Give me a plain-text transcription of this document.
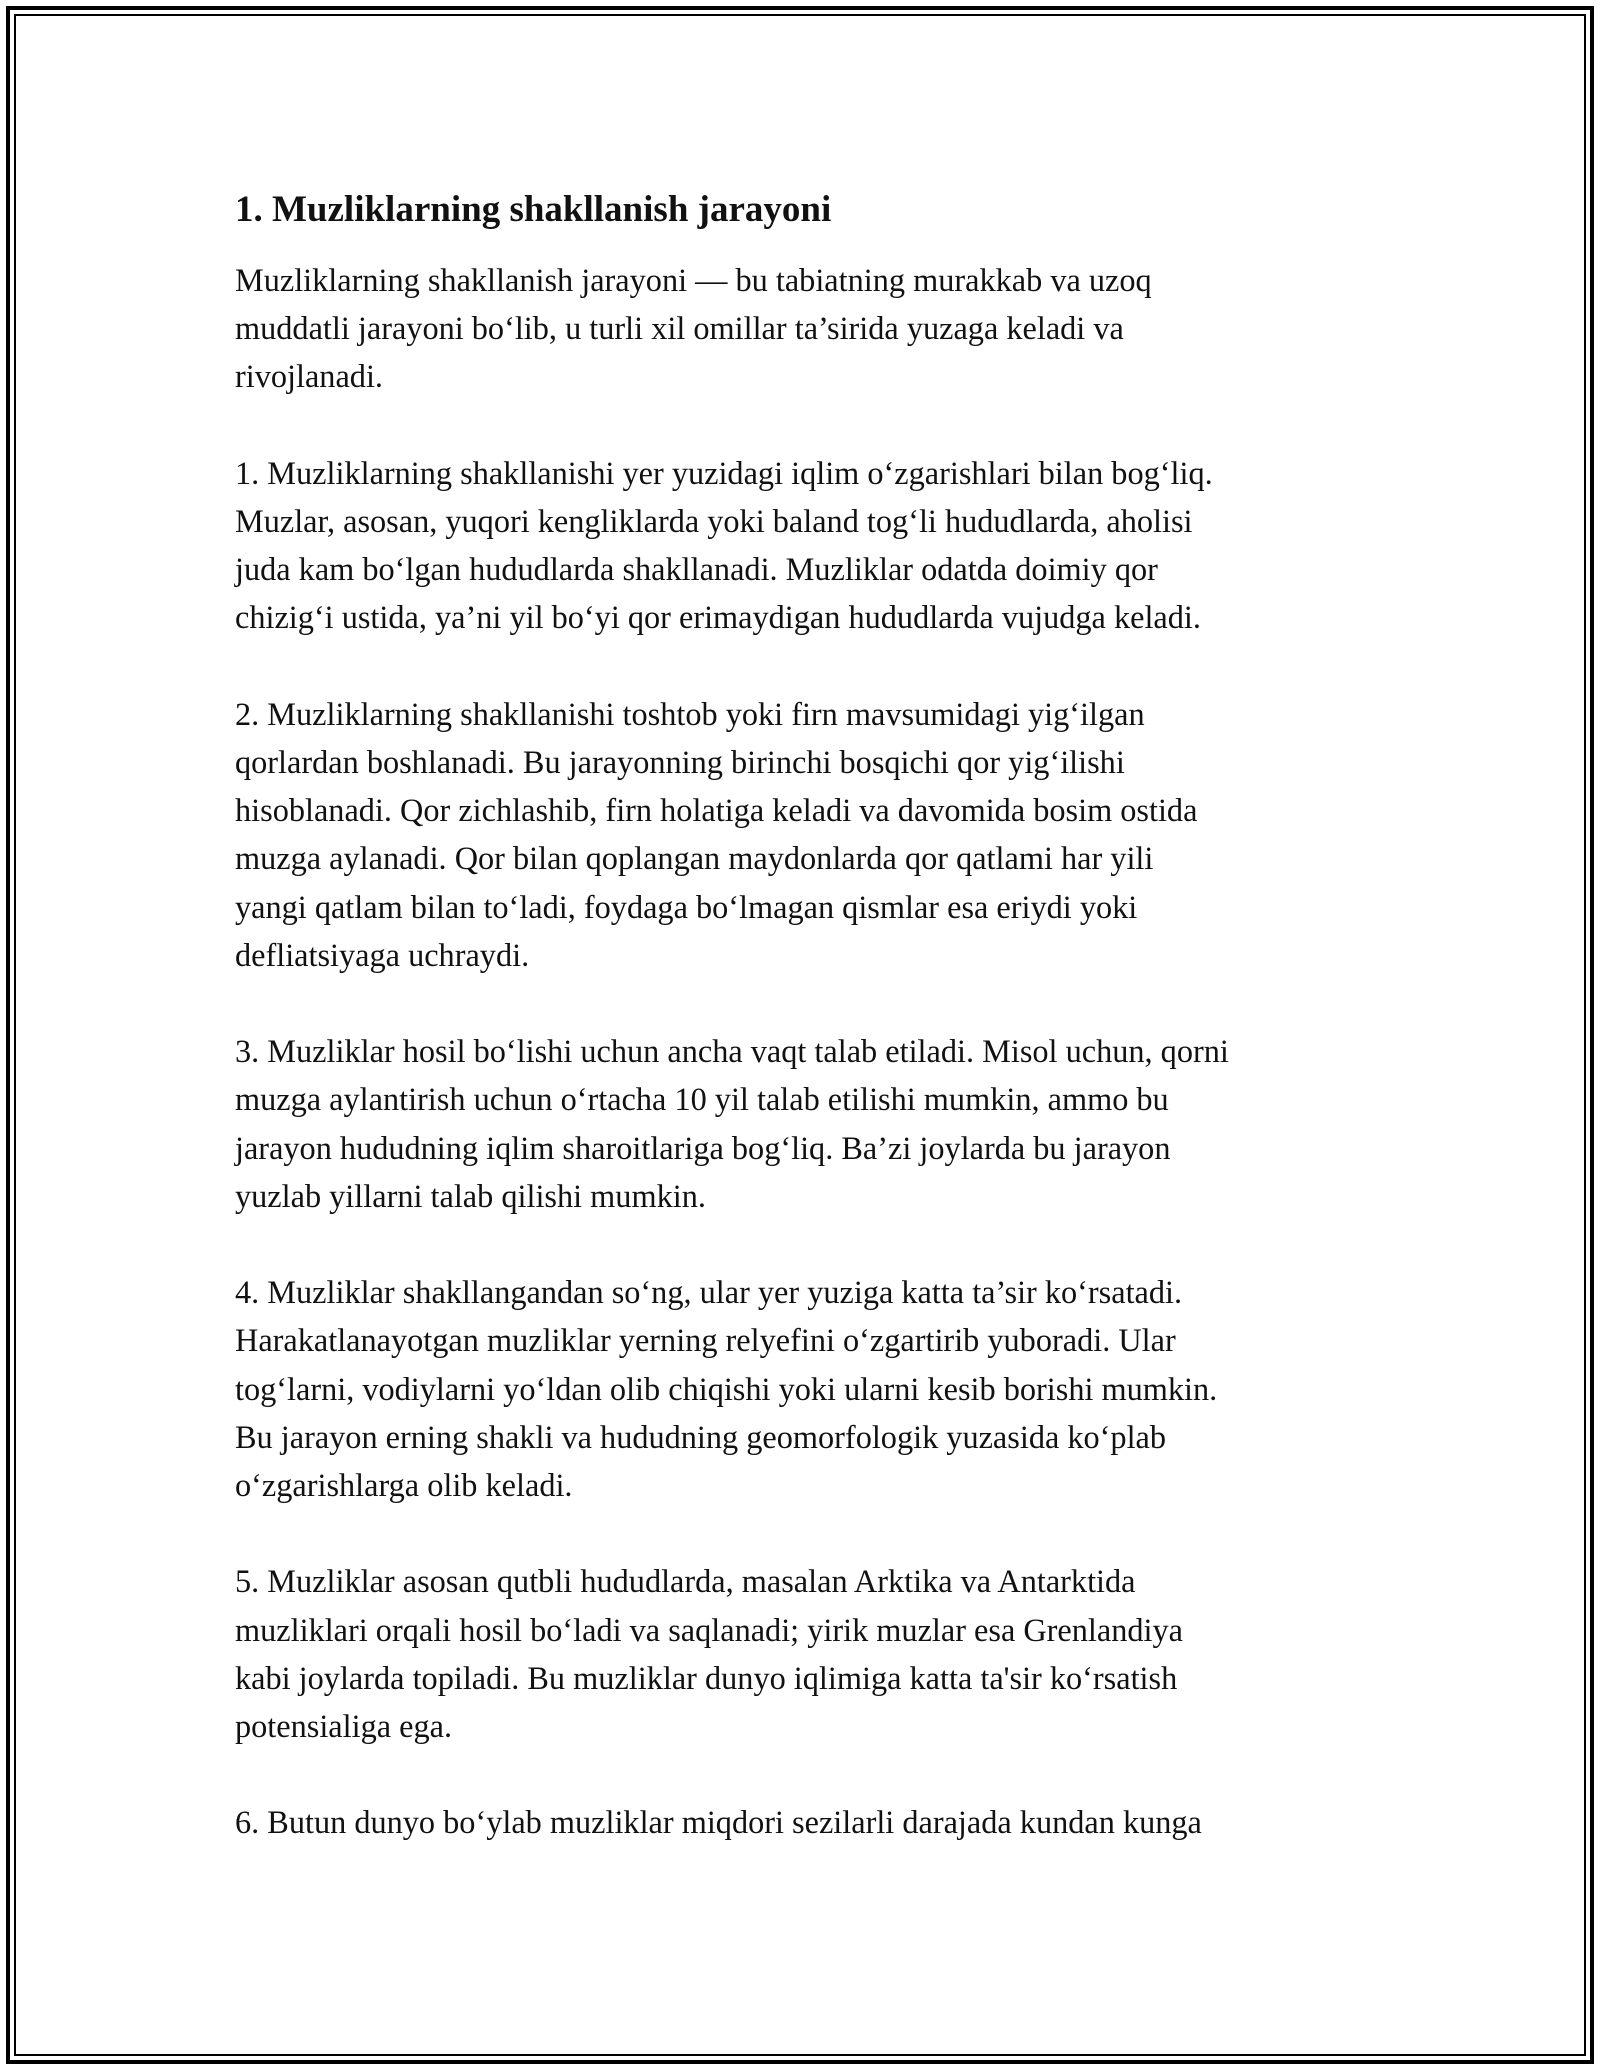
1. Muzliklarning shakllanish jarayoni

Muzliklarning shakllanish jarayoni — bu tabiatning murakkab va uzoq
muddatli jarayoni bo‘lib, u turli xil omillar ta’sirida yuzaga keladi va
rivojlanadi.

1. Muzliklarning shakllanishi yer yuzidagi iqlim o‘zgarishlari bilan bog‘liq.
Muzlar, asosan, yuqori kengliklarda yoki baland tog‘li hududlarda, aholisi
juda kam bo‘lgan hududlarda shakllanadi. Muzliklar odatda doimiy qor
chizig‘i ustida, ya’ni yil bo‘yi qor erimaydigan hududlarda vujudga keladi.

2. Muzliklarning shakllanishi toshtob yoki firn mavsumidagi yig‘ilgan
qorlardan boshlanadi. Bu jarayonning birinchi bosqichi qor yig‘ilishi
hisoblanadi. Qor zichlashib, firn holatiga keladi va davomida bosim ostida
muzga aylanadi. Qor bilan qoplangan maydonlarda qor qatlami har yili
yangi qatlam bilan to‘ladi, foydaga bo‘lmagan qismlar esa eriydi yoki
defliatsiyaga uchraydi.

3. Muzliklar hosil bo‘lishi uchun ancha vaqt talab etiladi. Misol uchun, qorni
muzga aylantirish uchun o‘rtacha 10 yil talab etilishi mumkin, ammo bu
jarayon hududning iqlim sharoitlariga bog‘liq. Ba’zi joylarda bu jarayon
yuzlab yillarni talab qilishi mumkin.

4. Muzliklar shakllangandan so‘ng, ular yer yuziga katta ta’sir ko‘rsatadi.
Harakatlanayotgan muzliklar yerning relyefini o‘zgartirib yuboradi. Ular
tog‘larni, vodiylarni yo‘ldan olib chiqishi yoki ularni kesib borishi mumkin.
Bu jarayon erning shakli va hududning geomorfologik yuzasida ko‘plab
o‘zgarishlarga olib keladi.

5. Muzliklar asosan qutbli hududlarda, masalan Arktika va Antarktida
muzliklari orqali hosil bo‘ladi va saqlanadi; yirik muzlar esa Grenlandiya
kabi joylarda topiladi. Bu muzliklar dunyo iqlimiga katta ta'sir ko‘rsatish
potensialiga ega.

6. Butun dunyo bo‘ylab muzliklar miqdori sezilarli darajada kundan kunga
